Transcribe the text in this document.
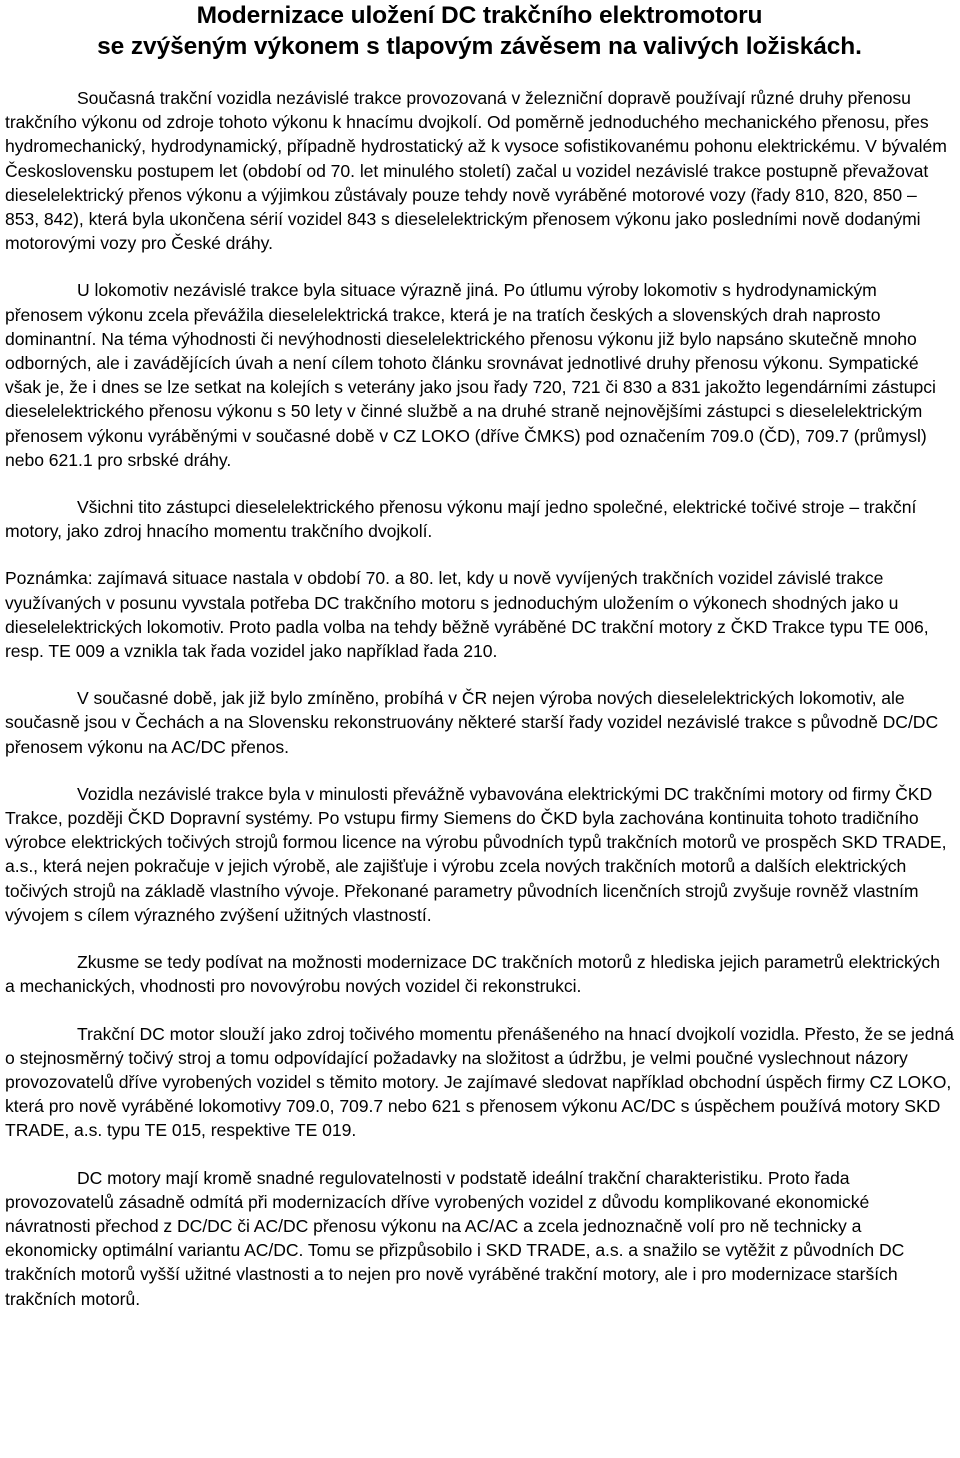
Modernizace uložení DC trakčního elektromotoru
se zvýšeným výkonem s tlapovým závěsem na valivých ložiskách.

Současná trakční vozidla nezávislé trakce provozovaná v železniční dopravě používají různé druhy přenosu trakčního výkonu od zdroje tohoto výkonu k hnacímu dvojkolí. Od poměrně jednoduchého mechanického přenosu, přes hydromechanický, hydrodynamický, případně hydrostatický až k vysoce sofistikovanému pohonu elektrickému. V bývalém Československu postupem let (období od 70. let minulého století) začal u vozidel nezávislé trakce postupně převažovat dieselelektrický přenos výkonu a výjimkou zůstávaly pouze tehdy nově vyráběné motorové vozy (řady 810, 820, 850 – 853, 842), která byla ukončena sérií vozidel 843 s dieselelektrickým přenosem výkonu jako posledními nově dodanými motorovými vozy pro České dráhy.

U lokomotiv nezávislé trakce byla situace výrazně jiná. Po útlumu výroby lokomotiv s hydrodynamickým přenosem výkonu zcela převážila dieselelektrická trakce, která je na tratích českých a slovenských drah naprosto dominantní. Na téma výhodnosti či nevýhodnosti dieselelektrického přenosu výkonu již bylo napsáno skutečně mnoho odborných, ale i zavádějících úvah a není cílem tohoto článku srovnávat jednotlivé druhy přenosu výkonu. Sympatické však je, že i dnes se lze setkat na kolejích s veterány jako jsou řady 720, 721 či 830 a 831 jakožto legendárními zástupci dieselelektrického přenosu výkonu s 50 lety v činné službě a na druhé straně nejnovějšími zástupci s dieselelektrickým přenosem výkonu vyráběnými v současné době v CZ LOKO (dříve ČMKS) pod označením 709.0 (ČD), 709.7 (průmysl) nebo 621.1 pro srbské dráhy.

Všichni tito zástupci dieselelektrického přenosu výkonu mají jedno společné, elektrické točivé stroje – trakční motory, jako zdroj hnacího momentu trakčního dvojkolí.

Poznámka: zajímavá situace nastala v období 70. a 80. let, kdy u nově vyvíjených trakčních vozidel závislé trakce využívaných v posunu vyvstala potřeba DC trakčního motoru s jednoduchým uložením o výkonech shodných jako u dieselelektrických lokomotiv. Proto padla volba na tehdy běžně vyráběné DC trakční motory z ČKD Trakce typu TE 006, resp. TE 009 a vznikla tak řada vozidel jako například řada 210.

V současné době, jak již bylo zmíněno, probíhá v ČR nejen výroba nových dieselelektrických lokomotiv, ale současně jsou v Čechách a na Slovensku rekonstruovány některé starší řady vozidel nezávislé trakce s původně DC/DC přenosem výkonu na AC/DC přenos.

Vozidla nezávislé trakce byla v minulosti převážně vybavována elektrickými DC trakčními motory od firmy ČKD Trakce, později ČKD Dopravní systémy. Po vstupu firmy Siemens do ČKD byla zachována kontinuita tohoto tradičního výrobce elektrických točivých strojů formou licence na výrobu původních typů trakčních motorů ve prospěch SKD TRADE, a.s., která nejen pokračuje v jejich výrobě, ale zajišťuje i výrobu zcela nových trakčních motorů a dalších elektrických točivých strojů na základě vlastního vývoje. Překonané parametry původních licenčních strojů zvyšuje rovněž vlastním vývojem s cílem výrazného zvýšení užitných vlastností.

Zkusme se tedy podívat na možnosti modernizace DC trakčních motorů z hlediska jejich parametrů elektrických a mechanických, vhodnosti pro novovýrobu nových vozidel či rekonstrukci.

Trakční DC motor slouží jako zdroj točivého momentu přenášeného na hnací dvojkolí vozidla. Přesto, že se jedná o stejnosměrný točivý stroj a tomu odpovídající požadavky na složitost a údržbu, je velmi poučné vyslechnout názory provozovatelů dříve vyrobených vozidel s těmito motory. Je zajímavé sledovat například obchodní úspěch firmy CZ LOKO, která pro nově vyráběné lokomotivy 709.0, 709.7 nebo 621 s přenosem výkonu AC/DC s úspěchem používá motory SKD TRADE, a.s. typu TE 015, respektive TE 019.

DC motory mají kromě snadné regulovatelnosti v podstatě ideální trakční charakteristiku. Proto řada provozovatelů zásadně odmítá při modernizacích dříve vyrobených vozidel z důvodu komplikované ekonomické návratnosti přechod z DC/DC či AC/DC přenosu výkonu na AC/AC a zcela jednoznačně volí pro ně technicky a ekonomicky optimální variantu AC/DC. Tomu se přizpůsobilo i SKD TRADE, a.s. a snažilo se vytěžit z původních DC trakčních motorů vyšší užitné vlastnosti a to nejen pro nově vyráběné trakční motory, ale i pro modernizace starších trakčních motorů.
